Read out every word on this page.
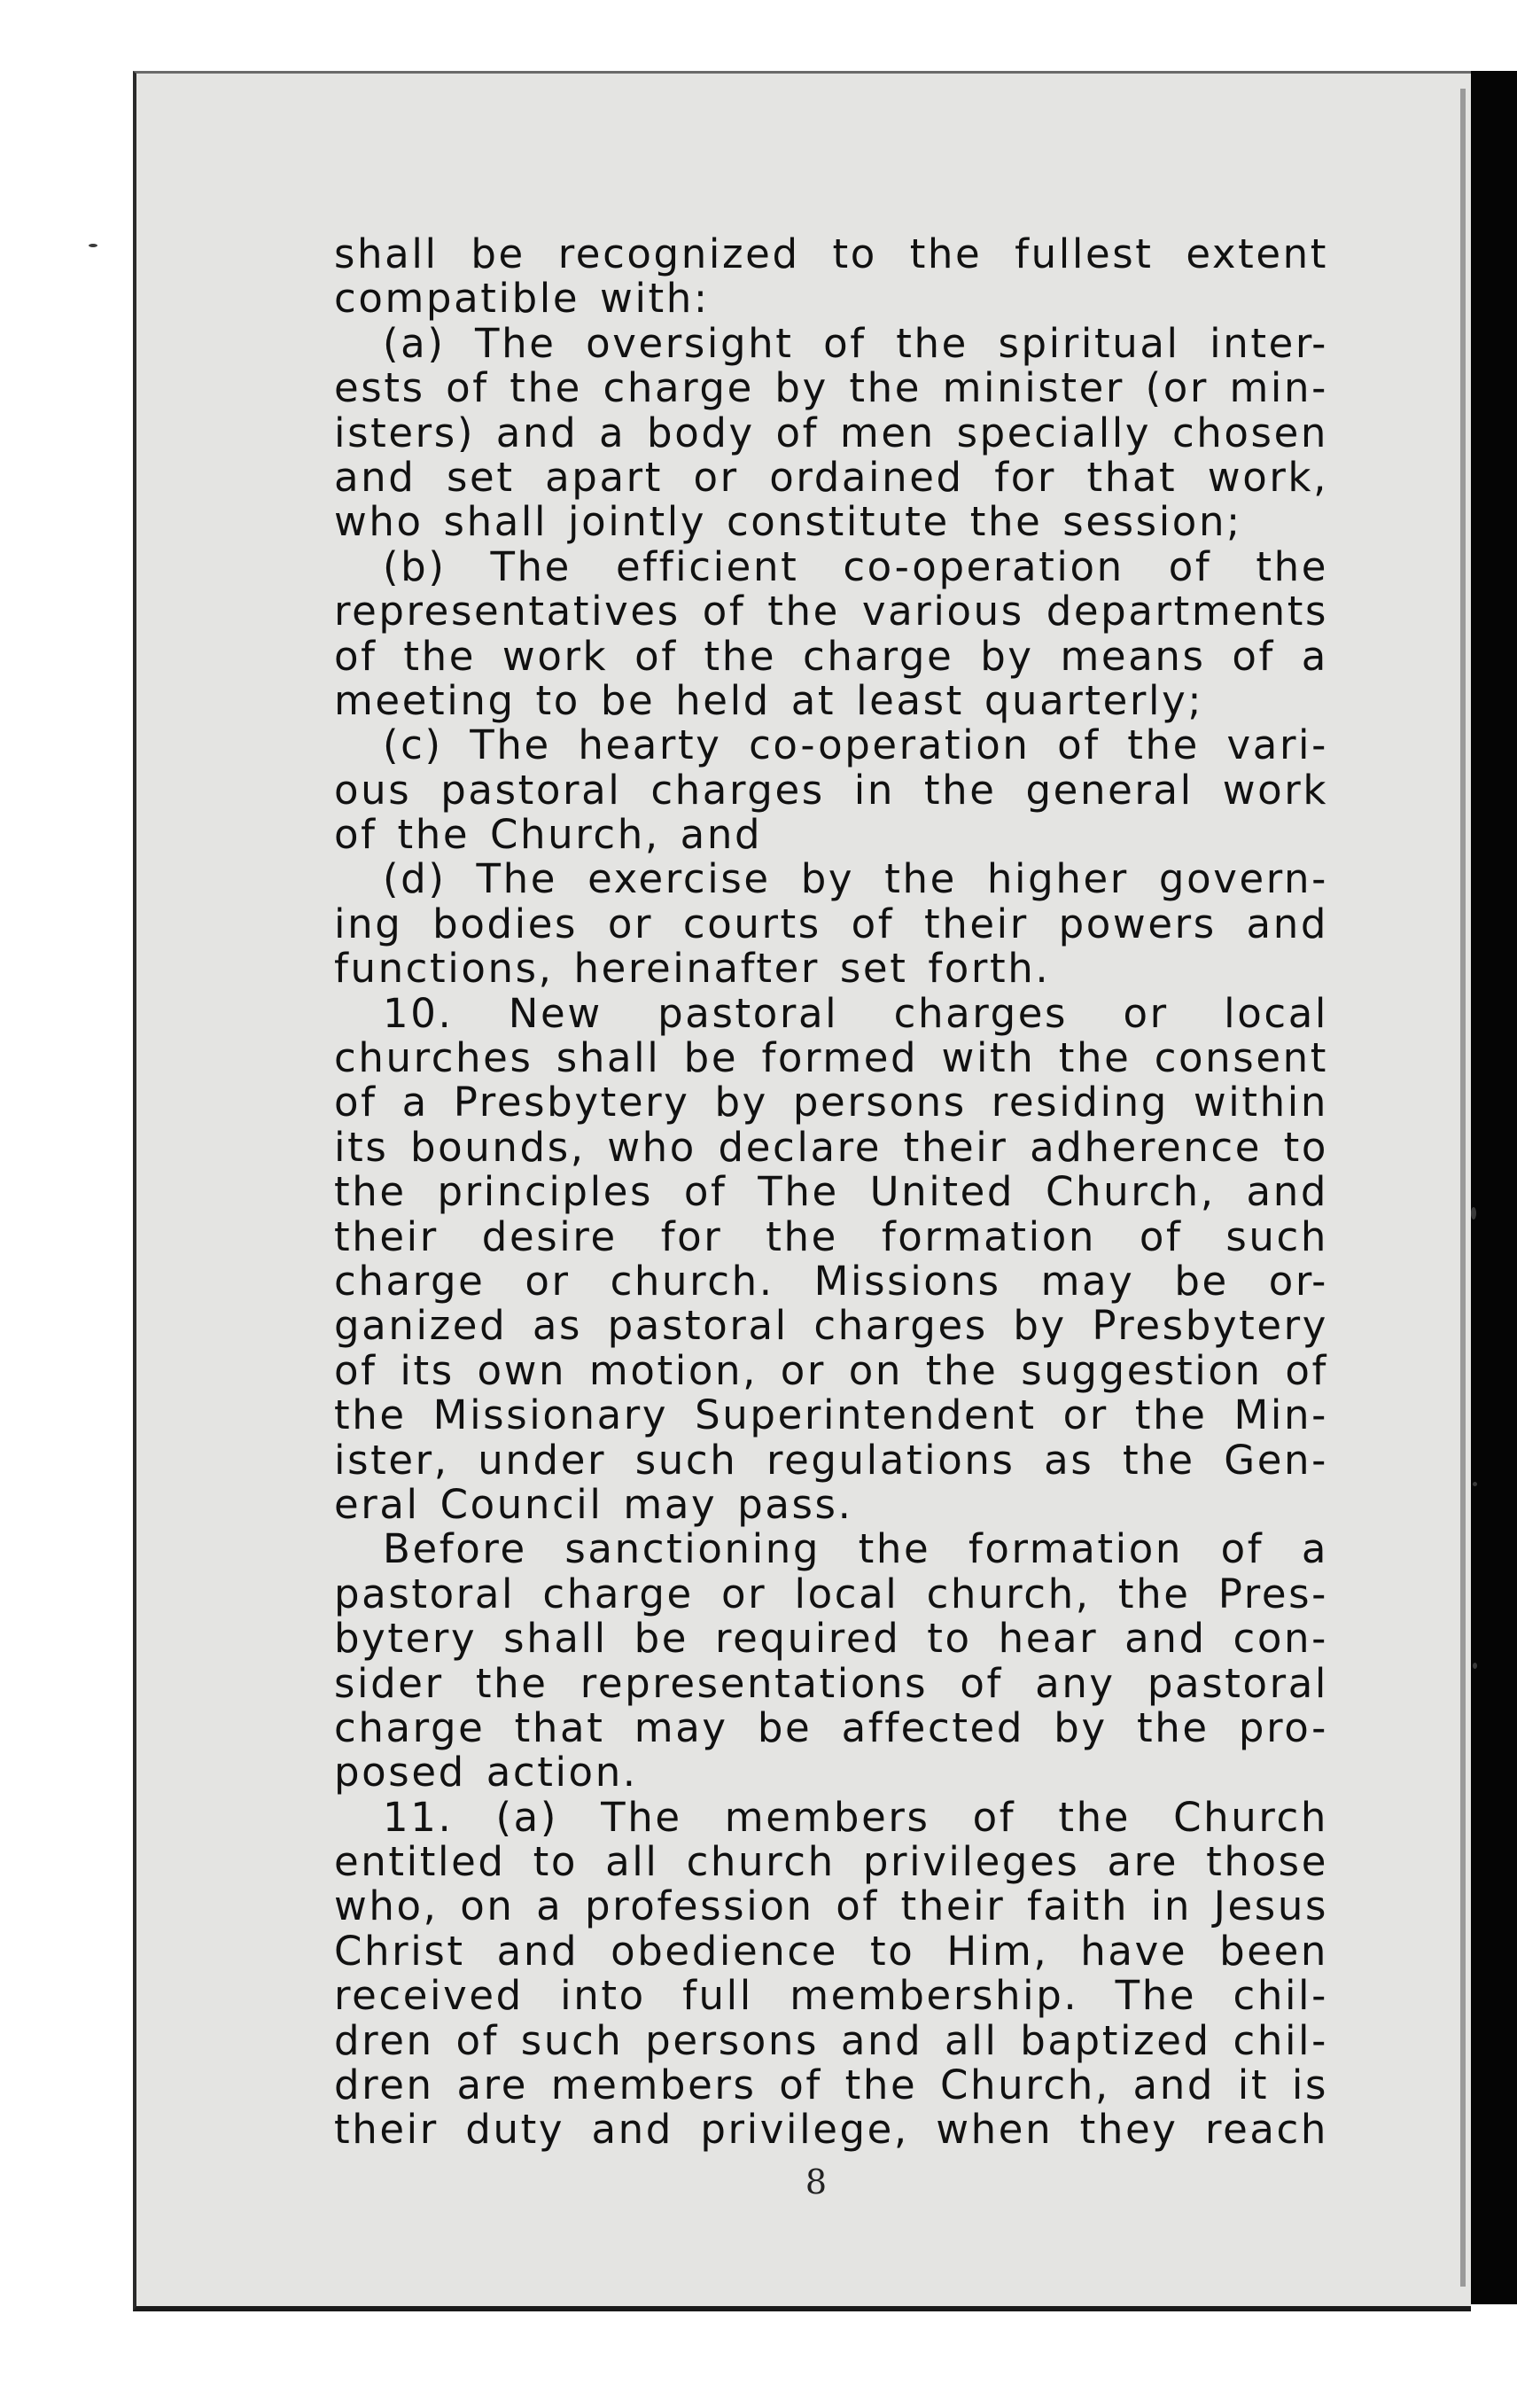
shall be recognized to the fullest extent
compatible with:
(a) The oversight of the spiritual inter-
ests of the charge by the minister (or min-
isters) and a body of men specially chosen
and set apart or ordained for that work,
who shall jointly constitute the session;
(b) The efficient co-operation of the
representatives of the various departments
of the work of the charge by means of a
meeting to be held at least quarterly;
(c) The hearty co-operation of the vari-
ous pastoral charges in the general work
of the Church, and
(d) The exercise by the higher govern-
ing bodies or courts of their powers and
functions, hereinafter set forth.
10. New pastoral charges or local
churches shall be formed with the consent
of a Presbytery by persons residing within
its bounds, who declare their adherence to
the principles of The United Church, and
their desire for the formation of such
charge or church. Missions may be or-
ganized as pastoral charges by Presbytery
of its own motion, or on the suggestion of
the Missionary Superintendent or the Min-
ister, under such regulations as the Gen-
eral Council may pass.
Before sanctioning the formation of a
pastoral charge or local church, the Pres-
bytery shall be required to hear and con-
sider the representations of any pastoral
charge that may be affected by the pro-
posed action.
11. (a) The members of the Church
entitled to all church privileges are those
who, on a profession of their faith in Jesus
Christ and obedience to Him, have been
received into full membership. The chil-
dren of such persons and all baptized chil-
dren are members of the Church, and it is
their duty and privilege, when they reach
8
